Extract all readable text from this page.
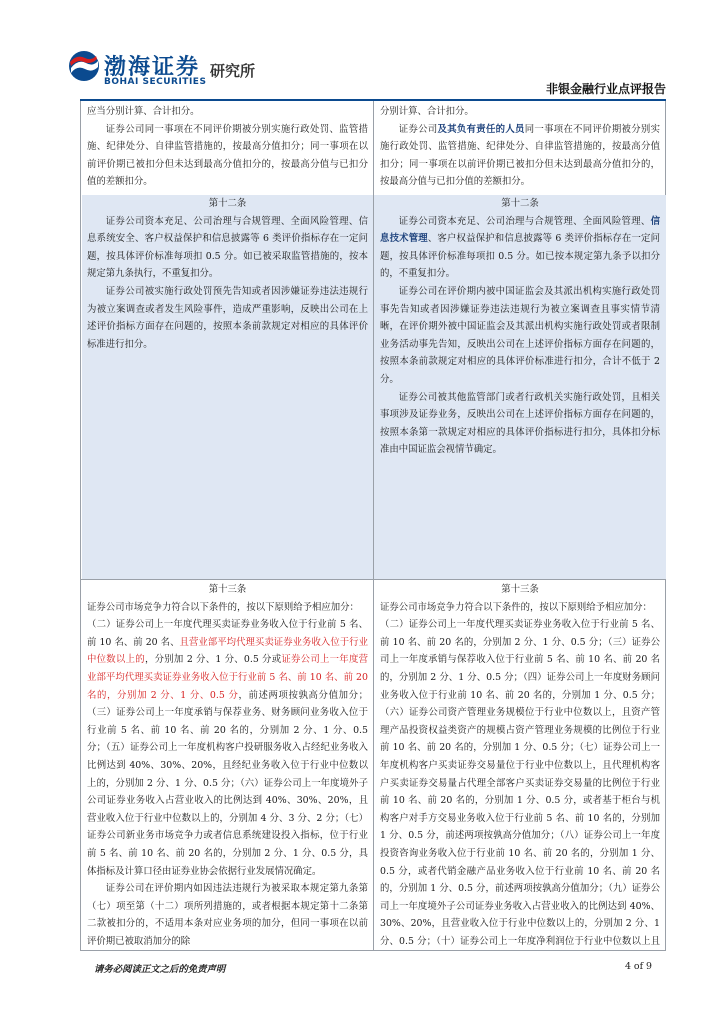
渤海证券
BOHAI SECURITIES
研究所
非银金融行业点评报告

应当分别计算、合计扣分。

证券公司同一事项在不同评价期被分别实施行政处罚、监管措施、纪律处分、自律监管措施的，按最高分值扣分；同一事项在以前评价期已被扣分但未达到最高分值扣分的，按最高分值与已扣分值的差额扣分。

分别计算、合计扣分。

证券公司及其负有责任的人员同一事项在不同评价期被分别实施行政处罚、监管措施、纪律处分、自律监管措施的，按最高分值扣分；同一事项在以前评价期已被扣分但未达到最高分值扣分的，按最高分值与已扣分值的差额扣分。

第十二条

证券公司资本充足、公司治理与合规管理、全面风险管理、信息系统安全、客户权益保护和信息披露等 6 类评价指标存在一定问题，按具体评价标准每项扣 0.5 分。如已被采取监管措施的，按本规定第九条执行，不重复扣分。

证券公司被实施行政处罚预先告知或者因涉嫌证券违法违规行为被立案调查或者发生风险事件，造成严重影响，反映出公司在上述评价指标方面存在问题的，按照本条前款规定对相应的具体评价标准进行扣分。

第十二条

证券公司资本充足、公司治理与合规管理、全面风险管理、信息技术管理、客户权益保护和信息披露等 6 类评价指标存在一定问题，按具体评价标准每项扣 0.5 分。如已按本规定第九条予以扣分的，不重复扣分。

证券公司在评价期内被中国证监会及其派出机构实施行政处罚事先告知或者因涉嫌证券违法违规行为被立案调查且事实情节清晰，在评价期外被中国证监会及其派出机构实施行政处罚或者限制业务活动事先告知，反映出公司在上述评价指标方面存在问题的，按照本条前款规定对相应的具体评价标准进行扣分，合计不低于 2 分。

证券公司被其他监管部门或者行政机关实施行政处罚，且相关事项涉及证券业务，反映出公司在上述评价指标方面存在问题的，按照本条第一款规定对相应的具体评价指标进行扣分，具体扣分标准由中国证监会视情节确定。

第十三条

证券公司市场竞争力符合以下条件的，按以下原则给予相应加分：

（二）证券公司上一年度代理买卖证券业务收入位于行业前 5 名、前 10 名、前 20 名、且营业部平均代理买卖证券业务收入位于行业中位数以上的，分别加 2 分、1 分、0.5 分或证券公司上一年度营业部平均代理买卖证券业务收入位于行业前 5 名、前 10 名、前 20 名的，分别加 2 分、1 分、0.5 分，前述两项按孰高分值加分；（三）证券公司上一年度承销与保荐业务、财务顾问业务收入位于行业前 5 名、前 10 名、前 20 名的，分别加 2 分、1 分、0.5 分；（五）证券公司上一年度机构客户投研服务收入占经纪业务收入比例达到 40%、30%、20%，且经纪业务收入位于行业中位数以上的，分别加 2 分、1 分、0.5 分；（六）证券公司上一年度境外子公司证券业务收入占营业收入的比例达到 40%、30%、20%，且营业收入位于行业中位数以上的，分别加 4 分、3 分、2 分；（七）证券公司新业务市场竞争力或者信息系统建设投入指标，位于行业前 5 名、前 10 名、前 20 名的，分别加 2 分、1 分、0.5 分，具体指标及计算口径由证券业协会依据行业发展情况确定。

证券公司在评价期内如因违法违规行为被采取本规定第九条第（七）项至第（十二）项所列措施的，或者根据本规定第十二条第二款被扣分的，不适用本条对应业务项的加分，但同一事项在以前评价期已被取消加分的除

第十三条

证券公司市场竞争力符合以下条件的，按以下原则给予相应加分：

（二）证券公司上一年度代理买卖证券业务收入位于行业前 5 名、前 10 名、前 20 名的，分别加 2 分、1 分、0.5 分；（三）证券公司上一年度承销与保荐收入位于行业前 5 名、前 10 名、前 20 名的，分别加 2 分、1 分、0.5 分；（四）证券公司上一年度财务顾问业务收入位于行业前 10 名、前 20 名的，分别加 1 分、0.5 分；（六）证券公司资产管理业务规模位于行业中位数以上，且资产管理产品投资权益类资产的规模占资产管理业务规模的比例位于行业前 10 名、前 20 名的，分别加 1 分、0.5 分；（七）证券公司上一年度机构客户买卖证券交易量位于行业中位数以上，且代理机构客户买卖证券交易量占代理全部客户买卖证券交易量的比例位于行业前 10 名、前 20 名的，分别加 1 分、0.5 分，或者基于柜台与机构客户对手方交易业务收入位于行业前 5 名、前 10 名的，分别加 1 分、0.5 分，前述两项按孰高分值加分；（八）证券公司上一年度投资咨询业务收入位于行业前 10 名、前 20 名的，分别加 1 分、0.5 分，或者代销金融产品业务收入位于行业前 10 名、前 20 名的，分别加 1 分、0.5 分，前述两项按孰高分值加分；（九）证券公司上一年度境外子公司证券业务收入占营业收入的比例达到 40%、30%、20%，且营业收入位于行业中位数以上的，分别加 2 分、1 分、0.5 分；（十）证券公司上一年度净利润位于行业中位数以上且

请务必阅读正文之后的免责声明	4 of 9
